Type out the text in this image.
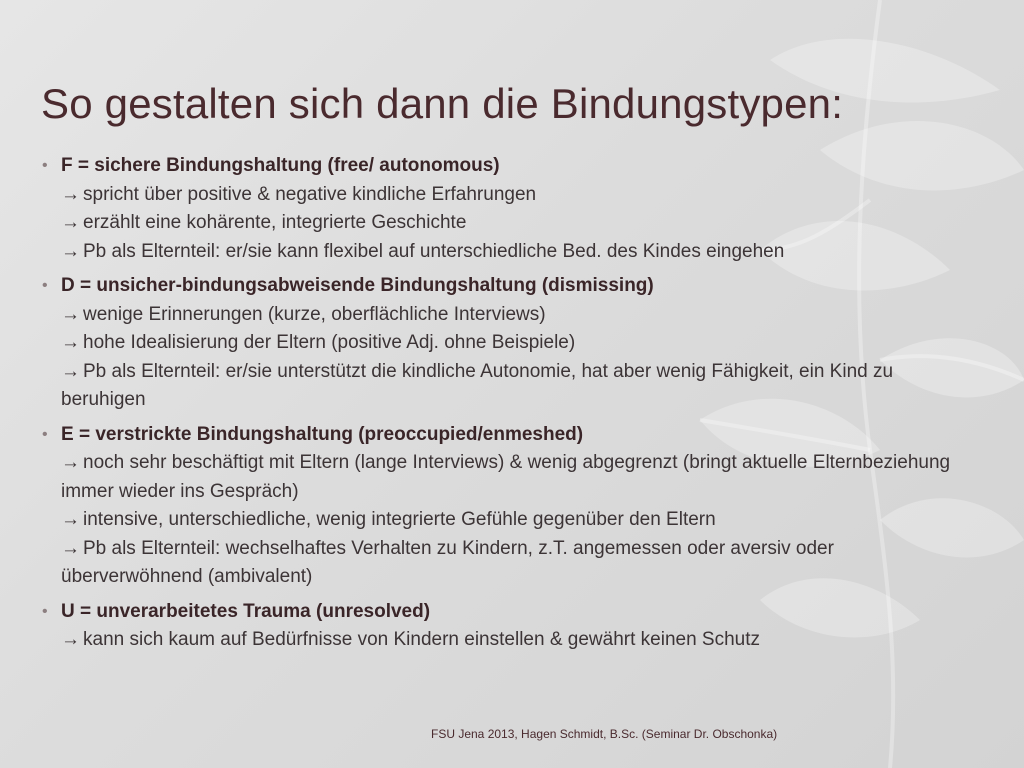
So gestalten sich dann die Bindungstypen:
• F = sichere Bindungshaltung (free/ autonomous)
→ spricht über positive & negative kindliche Erfahrungen
→ erzählt eine kohärente, integrierte Geschichte
→ Pb als Elternteil: er/sie kann flexibel auf unterschiedliche Bed. des Kindes eingehen
• D = unsicher-bindungsabweisende Bindungshaltung (dismissing)
→ wenige Erinnerungen (kurze, oberflächliche Interviews)
→ hohe Idealisierung der Eltern (positive Adj. ohne Beispiele)
→ Pb als Elternteil: er/sie unterstützt die kindliche Autonomie, hat aber wenig Fähigkeit, ein Kind zu beruhigen
• E = verstrickte Bindungshaltung (preoccupied/enmeshed)
→ noch sehr beschäftigt mit Eltern (lange Interviews) & wenig abgegrenzt (bringt aktuelle Elternbeziehung immer wieder ins Gespräch)
→ intensive, unterschiedliche, wenig integrierte Gefühle gegenüber den Eltern
→ Pb als Elternteil: wechselhaftes Verhalten zu Kindern, z.T. angemessen oder aversiv oder überverwöhnend (ambivalent)
• U = unverarbeitetes Trauma (unresolved)
→ kann sich kaum auf Bedürfnisse von Kindern einstellen & gewährt keinen Schutz
FSU Jena 2013, Hagen Schmidt, B.Sc. (Seminar Dr. Obschonka)
